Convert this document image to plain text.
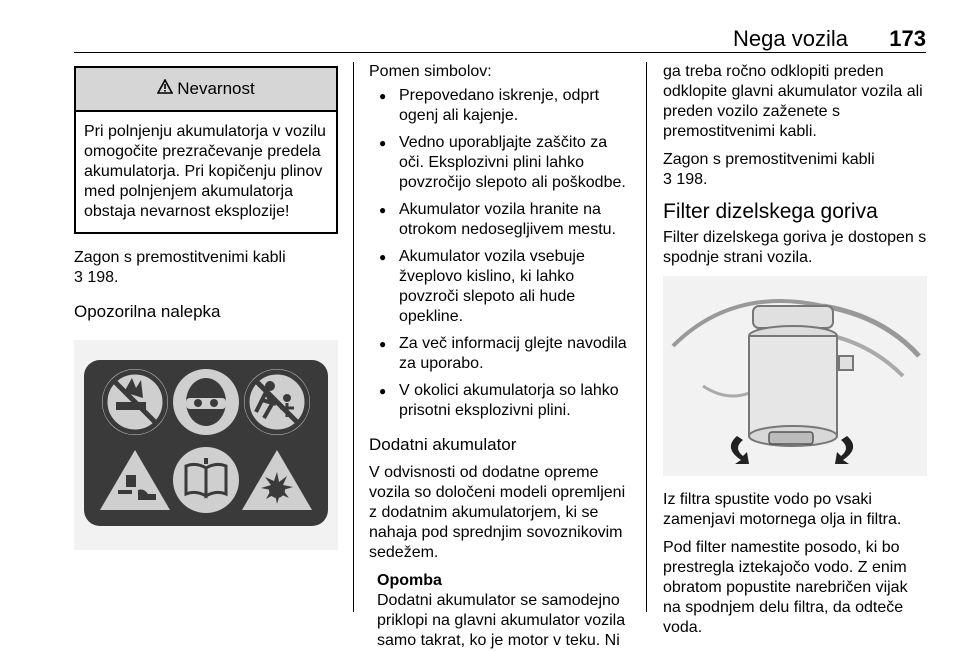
Nega vozila 173
Nevarnost
Pri polnjenju akumulatorja v vozilu omogočite prezračevanje predela akumulatorja. Pri kopičenju plinov med polnjenjem akumulatorja obstaja nevarnost eksplozije!

Zagon s premostitvenimi kabli
3 198.

Opozorilna nalepka

Pomen simbolov:

● Prepovedano iskrenje, odprt ogenj ali kajenje.
● Vedno uporabljajte zaščito za oči. Eksplozivni plini lahko povzročijo slepoto ali poškodbe.
● Akumulator vozila hranite na otrokom nedosegljivem mestu.
● Akumulator vozila vsebuje žveplovo kislino, ki lahko povzroči slepoto ali hude opekline.
● Za več informacij glejte navodila za uporabo.
● V okolici akumulatorja so lahko prisotni eksplozivni plini.
Dodatni akumulator

V odvisnosti od dodatne opreme vozila so določeni modeli opremljeni z dodatnim akumulatorjem, ki se nahaja pod sprednjim sovoznikovim sedežem.

Opomba
Dodatni akumulator se samodejno priklopi na glavni akumulator vozila samo takrat, ko je motor v teku. Ni

ga treba ročno odklopiti preden odklopite glavni akumulator vozila ali preden vozilo zaženete s premostitvenimi kabli.

Zagon s premostitvenimi kabli
3 198.

Filter dizelskega goriva

Filter dizelskega goriva je dostopen s spodnje strani vozila.

Iz filtra spustite vodo po vsaki zamenjavi motornega olja in filtra.

Pod filter namestite posodo, ki bo prestregla iztekajočo vodo. Z enim obratom popustite narebričen vijak na spodnjem delu filtra, da odteče voda.
